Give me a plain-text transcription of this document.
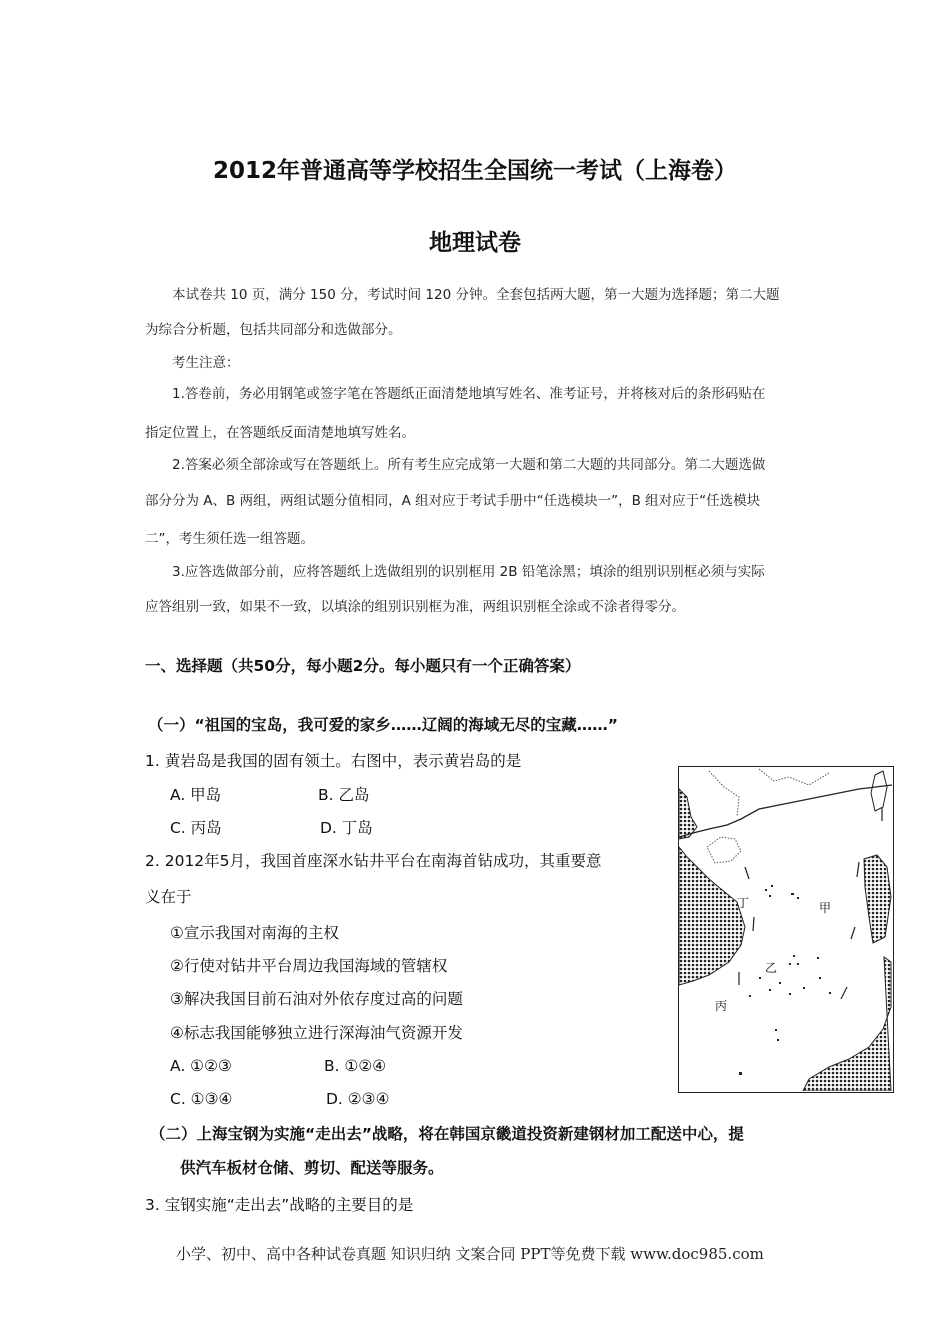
2012年普通高等学校招生全国统一考试（上海卷）
地理试卷
本试卷共 10 页，满分 150 分，考试时间 120 分钟。全套包括两大题，第一大题为选择题；第二大题
为综合分析题，包括共同部分和选做部分。
考生注意：
1.答卷前，务必用钢笔或签字笔在答题纸正面清楚地填写姓名、准考证号，并将核对后的条形码贴在
指定位置上，在答题纸反面清楚地填写姓名。
2.答案必须全部涂或写在答题纸上。所有考生应完成第一大题和第二大题的共同部分。第二大题选做
部分分为 A、B 两组，两组试题分值相同，A 组对应于考试手册中“任选模块一”，B 组对应于“任选模块
二”，考生须任选一组答题。
3.应答选做部分前，应将答题纸上选做组别的识别框用 2B 铅笔涂黑；填涂的组别识别框必须与实际
应答组别一致，如果不一致，以填涂的组别识别框为准，两组识别框全涂或不涂者得零分。
一、选择题（共50分，每小题2分。每小题只有一个正确答案）
（一）“祖国的宝岛，我可爱的家乡……辽阔的海域无尽的宝藏……”
1. 黄岩岛是我国的固有领土。右图中，表示黄岩岛的是
A. 甲岛	B. 乙岛
C. 丙岛	D. 丁岛
2. 2012年5月，我国首座深水钻井平台在南海首钻成功，其重要意
义在于
①宣示我国对南海的主权
②行使对钻井平台周边我国海域的管辖权
③解决我国目前石油对外依存度过高的问题
④标志我国能够独立进行深海油气资源开发
A. ①②③	B. ①②④
C. ①③④	D. ②③④
（二）上海宝钢为实施“走出去”战略，将在韩国京畿道投资新建钢材加工配送中心，提
供汽车板材仓储、剪切、配送等服务。
3. 宝钢实施“走出去”战略的主要目的是
小学、初中、高中各种试卷真题 知识归纳 文案合同 PPT等免费下载 www.doc985.com
丁	甲
乙
丙
